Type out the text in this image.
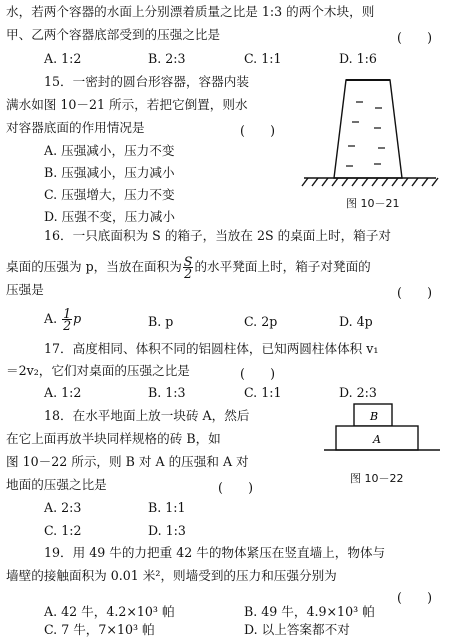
水，若两个容器的水面上分别漂着质量之比是 1:3 的两个木块，则
甲、乙两个容器底部受到的压强之比是	(　　)
A. 1:2	B. 2:3	C. 1:1	D. 1:6
15．一密封的圆台形容器，容器内装
满水如图 10－21 所示，若把它倒置，则水
对容器底面的作用情况是	(　　)
A. 压强减小，压力不变
B. 压强减小，压力减小
C. 压强增大，压力不变
D. 压强不变，压力减小
图 10－21
16．一只底面积为 S 的箱子，当放在 2S 的桌面上时，箱子对
桌面的压强为 p，当放在面积为 $\frac{S}{2}$ 的水平凳面上时，箱子对凳面的
压强是	(　　)
A. $\frac{1}{2}$ p	B. p	C. 2p	D. 4p
17．高度相同、体积不同的铝圆柱体，已知两圆柱体体积 v₁
＝2v₂，它们对桌面的压强之比是	(　　)
A. 1:2	B. 1:3	C. 1:1	D. 2:3
18．在水平地面上放一块砖 A，然后
在它上面再放半块同样规格的砖 B，如
图 10－22 所示，则 B 对 A 的压强和 A 对
地面的压强之比是	(　　)
A. 2:3	B. 1:1
C. 1:2	D. 1:3
B
A
图 10－22
19．用 49 牛的力把重 42 牛的物体紧压在竖直墙上，物体与
墙壁的接触面积为 0.01 米²，则墙受到的压力和压强分别为
(　　)
A. 42 牛，4.2×10³ 帕	B. 49 牛，4.9×10³ 帕
C. 7 牛，7×10³ 帕	D. 以上答案都不对
